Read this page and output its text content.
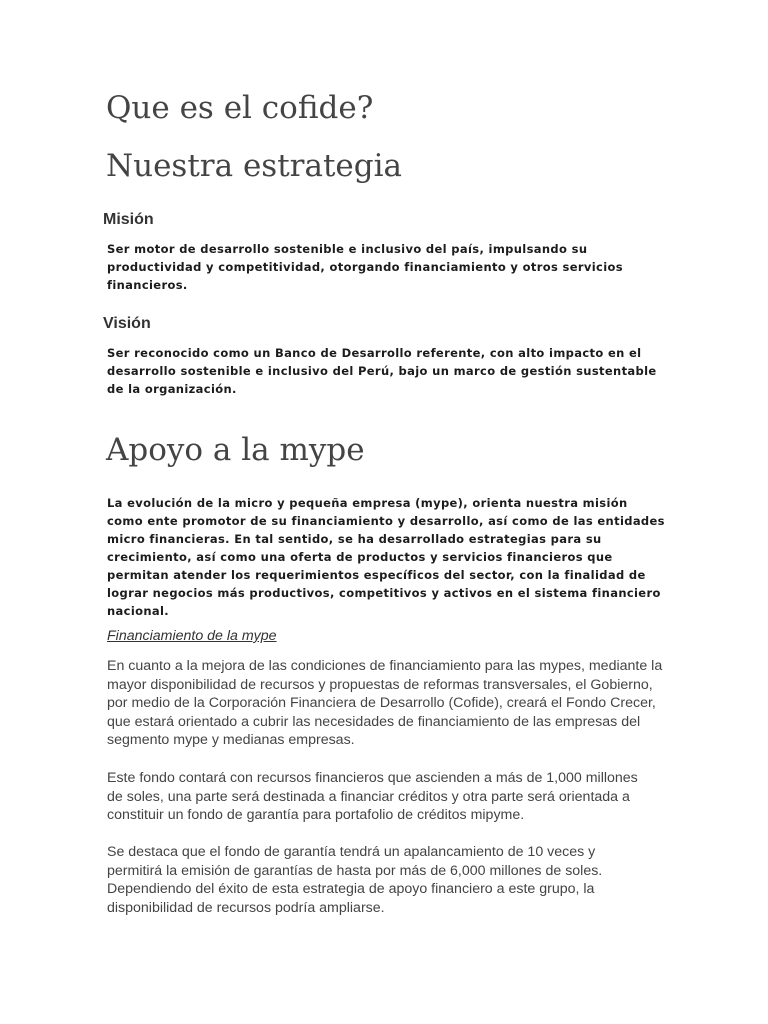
Que es el cofide?
Nuestra estrategia
Misión

Ser motor de desarrollo sostenible e inclusivo del país, impulsando su productividad y competitividad, otorgando financiamiento y otros servicios financieros.

Visión

Ser reconocido como un Banco de Desarrollo referente, con alto impacto en el desarrollo sostenible e inclusivo del Perú, bajo un marco de gestión sustentable de la organización.

Apoyo a la mype

La evolución de la micro y pequeña empresa (mype), orienta nuestra misión como ente promotor de su financiamiento y desarrollo, así como de las entidades micro financieras. En tal sentido, se ha desarrollado estrategias para su crecimiento, así como una oferta de productos y servicios financieros que permitan atender los requerimientos específicos del sector, con la finalidad de lograr negocios más productivos, competitivos y activos en el sistema financiero nacional.

Financiamiento de la mype

En cuanto a la mejora de las condiciones de financiamiento para las mypes, mediante la mayor disponibilidad de recursos y propuestas de reformas transversales, el Gobierno, por medio de la Corporación Financiera de Desarrollo (Cofide), creará el Fondo Crecer, que estará orientado a cubrir las necesidades de financiamiento de las empresas del segmento mype y medianas empresas.

Este fondo contará con recursos financieros que ascienden a más de 1,000 millones de soles, una parte será destinada a financiar créditos y otra parte será orientada a constituir un fondo de garantía para portafolio de créditos mipyme.

Se destaca que el fondo de garantía tendrá un apalancamiento de 10 veces y permitirá la emisión de garantías de hasta por más de 6,000 millones de soles. Dependiendo del éxito de esta estrategia de apoyo financiero a este grupo, la disponibilidad de recursos podría ampliarse.
